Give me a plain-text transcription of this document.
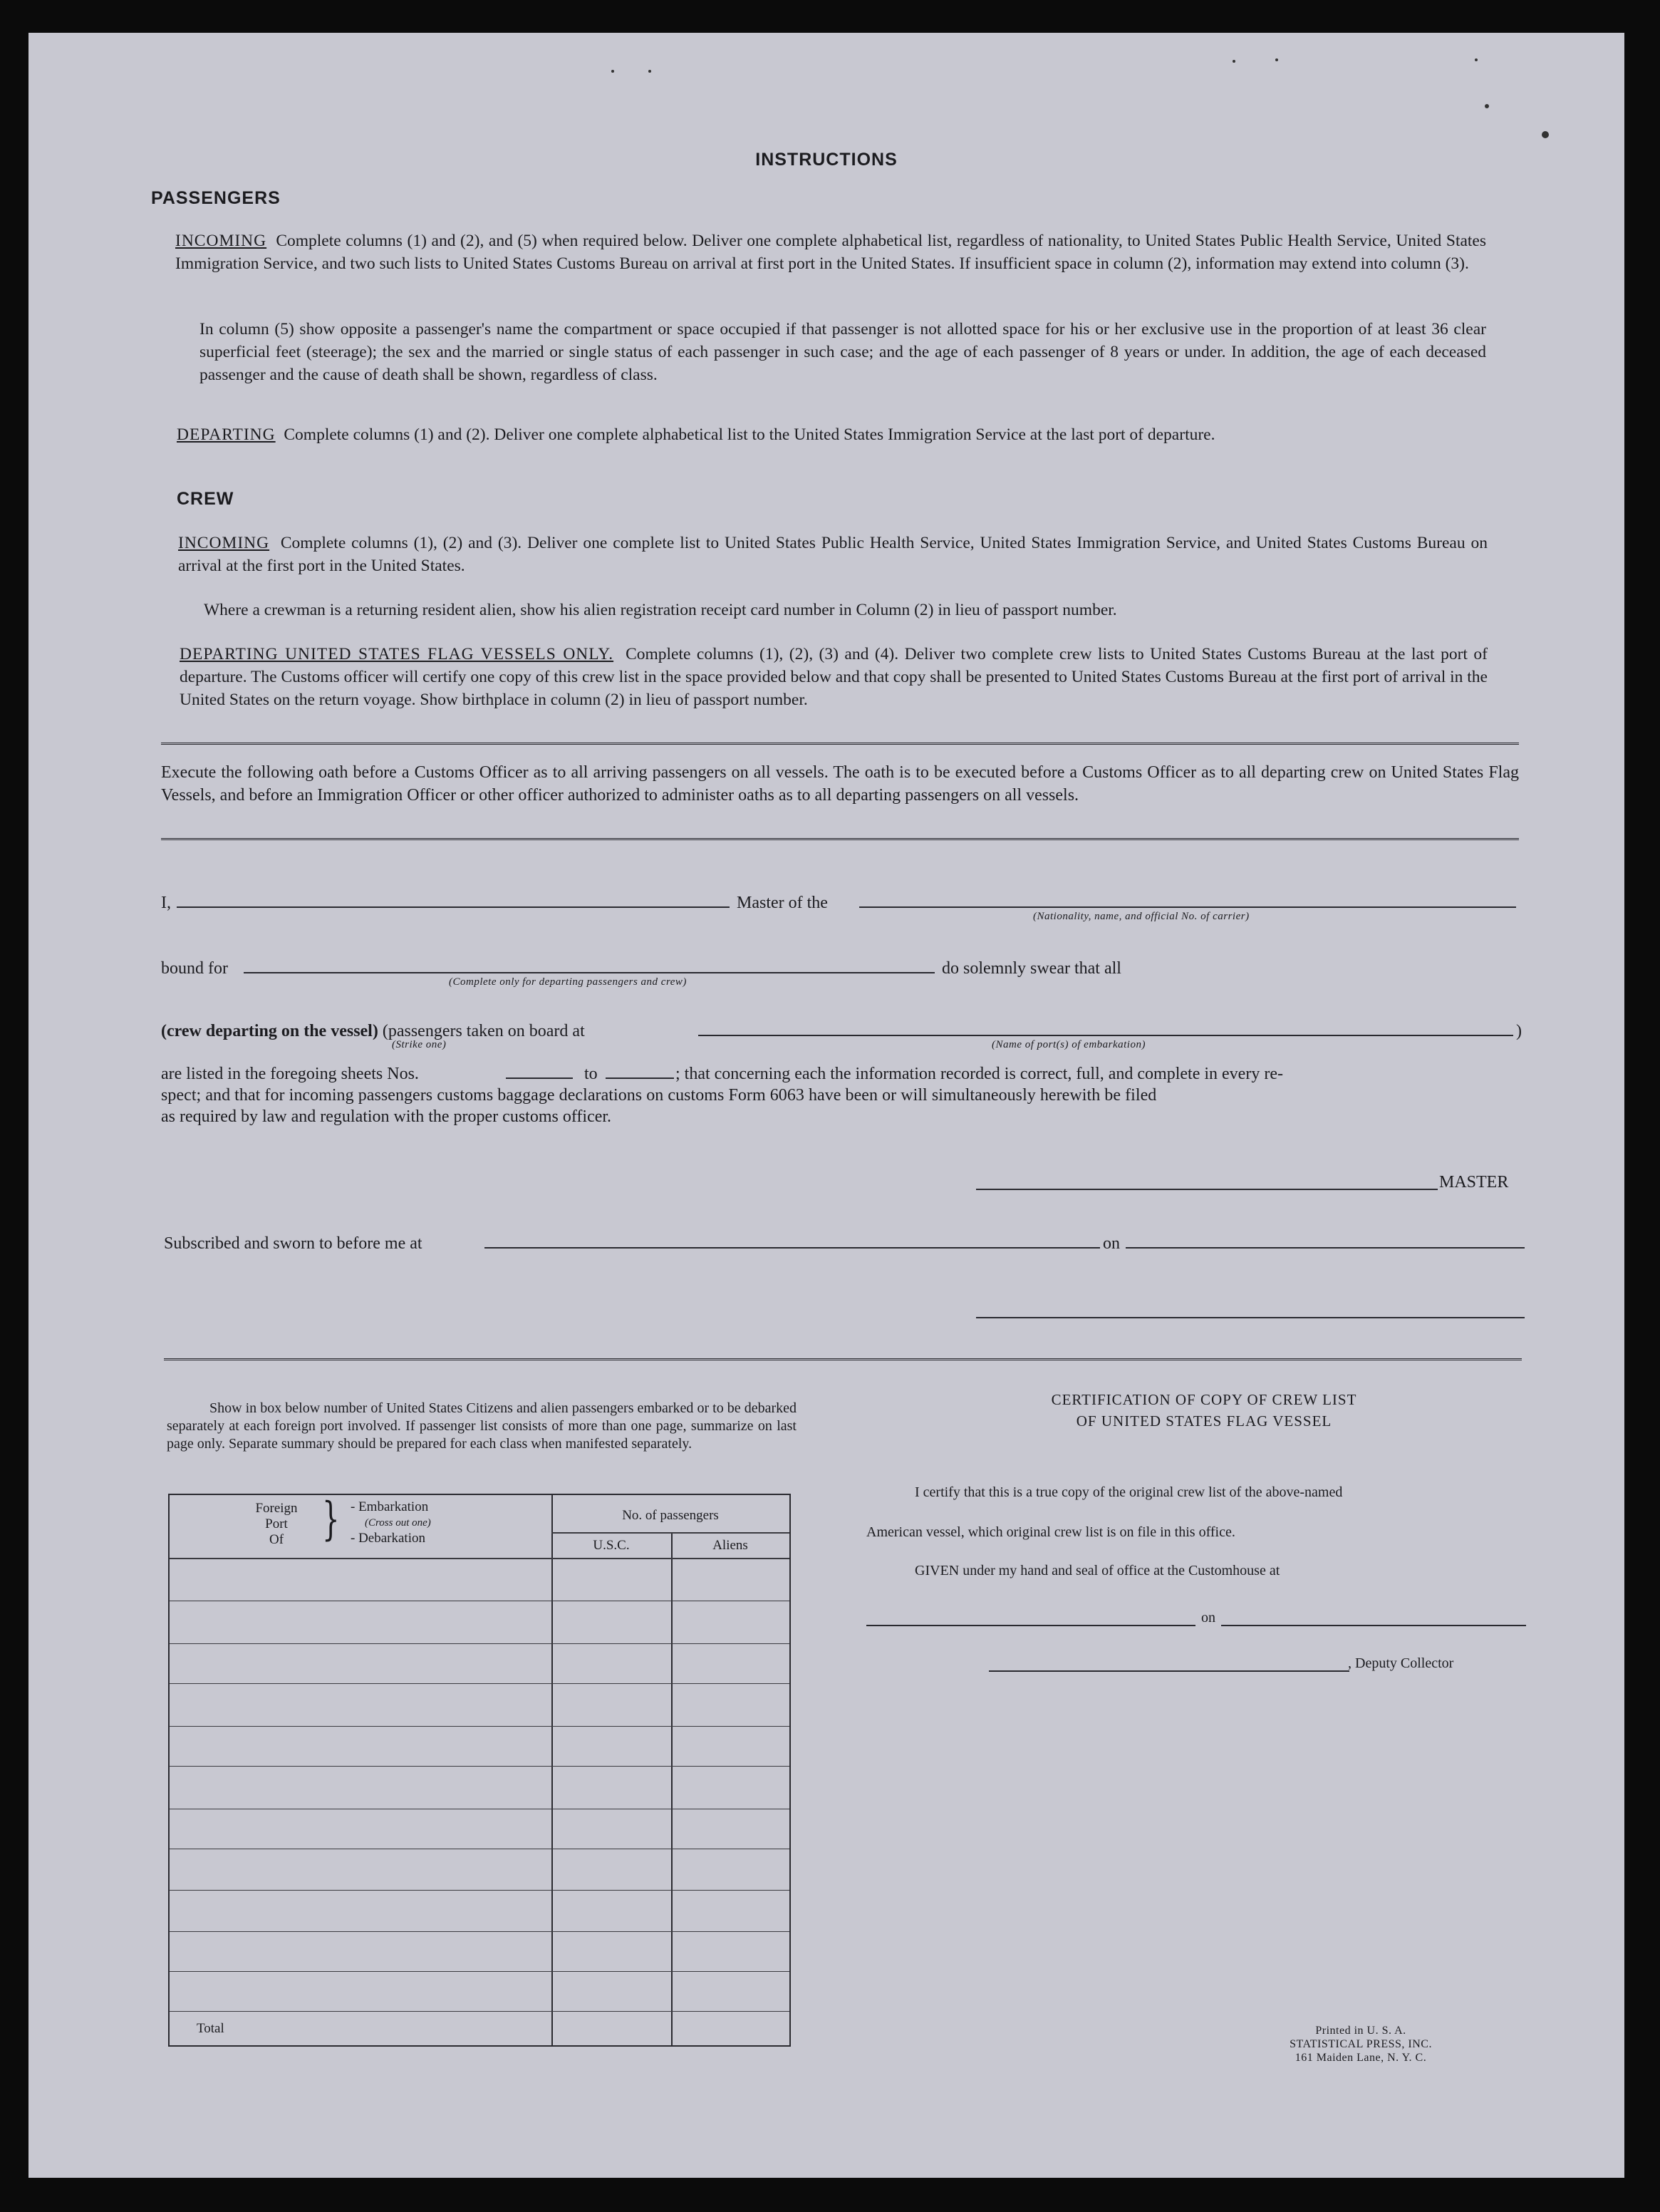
INSTRUCTIONS
PASSENGERS
INCOMING Complete columns (1) and (2), and (5) when required below. Deliver one complete alphabetical list, regardless of nationality, to United States Public Health Service, United States Immigration Service, and two such lists to United States Customs Bureau on arrival at first port in the United States. If insufficient space in column (2), information may extend into column (3).
In column (5) show opposite a passenger's name the compartment or space occupied if that passenger is not allotted space for his or her exclusive use in the proportion of at least 36 clear superficial feet (steerage); the sex and the married or single status of each passenger in such case; and the age of each passenger of 8 years or under. In addition, the age of each deceased passenger and the cause of death shall be shown, regardless of class.
DEPARTING Complete columns (1) and (2). Deliver one complete alphabetical list to the United States Immigration Service at the last port of departure.
CREW
INCOMING Complete columns (1), (2) and (3). Deliver one complete list to United States Public Health Service, United States Immigration Service, and United States Customs Bureau on arrival at the first port in the United States.
Where a crewman is a returning resident alien, show his alien registration receipt card number in Column (2) in lieu of passport number.
DEPARTING UNITED STATES FLAG VESSELS ONLY. Complete columns (1), (2), (3) and (4). Deliver two complete crew lists to United States Customs Bureau at the last port of departure. The Customs officer will certify one copy of this crew list in the space provided below and that copy shall be presented to United States Customs Bureau at the first port of arrival in the United States on the return voyage. Show birthplace in column (2) in lieu of passport number.
Execute the following oath before a Customs Officer as to all arriving passengers on all vessels. The oath is to be executed before a Customs Officer as to all departing crew on United States Flag Vessels, and before an Immigration Officer or other officer authorized to administer oaths as to all departing passengers on all vessels.
I,	Master of the
(Nationality, name, and official No. of carrier)
bound for
(Complete only for departing passengers and crew)
do solemnly swear that all
(crew departing on the vessel) (passengers taken on board at	)
(Strike one)	(Name of port(s) of embarkation)
are listed in the foregoing sheets Nos.	to	; that concerning each the information recorded is correct, full, and complete in every re-
spect; and that for incoming passengers customs baggage declarations on customs Form 6063 have been or will simultaneously herewith be filed
as required by law and regulation with the proper customs officer.
MASTER
Subscribed and sworn to before me at	on
Show in box below number of United States Citizens and alien passengers embarked or to be debarked separately at each foreign port involved. If passenger list consists of more than one page, summarize on last page only. Separate summary should be prepared for each class when manifested separately.
Foreign
Port
Of } - Embarkation
(Cross out one)
- Debarkation
No. of passengers
U.S.C.	Aliens
Total
CERTIFICATION OF COPY OF CREW LIST
OF UNITED STATES FLAG VESSEL
I certify that this is a true copy of the original crew list of the above-named
American vessel, which original crew list is on file in this office.
GIVEN under my hand and seal of office at the Customhouse at
on
, Deputy Collector
Printed in U. S. A.
STATISTICAL PRESS, INC.
161 Maiden Lane, N. Y. C.
